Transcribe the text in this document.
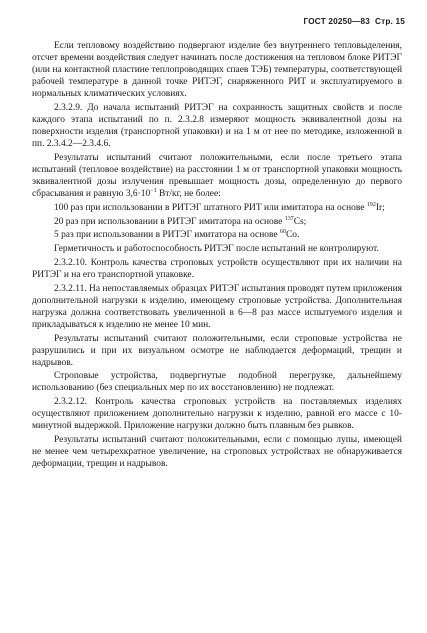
ГОСТ 20250—83 Стр. 15

Если тепловому воздействию подвергают изделие без внутреннего тепловыделения, отсчет времени воздействия следует начинать после достижения на тепловом блоке РИТЭГ (или на контактной пластине теплопроводящих спаев ТЭБ) температуры, соответствующей рабочей температуре в данной точке РИТЭГ, снаряженного РИТ и эксплуатируемого в нормальных климатических условиях.

2.3.2.9. До начала испытаний РИТЭГ на сохранность защитных свойств и после каждого этапа испытаний по п. 2.3.2.8 измеряют мощность эквивалентной дозы на поверхности изделия (транспортной упаковки) и на 1 м от нее по методике, изложенной в пп. 2.3.4.2—2.3.4.6.

Результаты испытаний считают положительными, если после третьего этапа испытаний (тепловое воздействие) на расстоянии 1 м от транспортной упаковки мощность эквивалентной дозы излучения превышает мощность дозы, определенную до первого сбрасывания и равную $3,6\cdot 10^{-1}$ Вт/кг, не более:

100 раз при использовании в РИТЭГ штатного РИТ или имитатора на основе $^{192}$Ir;

20 раз при использовании в РИТЭГ имитатора на основе $^{137}$Cs;

5 раз при использовании в РИТЭГ имитатора на основе $^{60}$Co.

Герметичность и работоспособность РИТЭГ после испытаний не контролируют.

2.3.2.10. Контроль качества строповых устройств осуществляют при их наличии на РИТЭГ и на его транспортной упаковке.

2.3.2.11. На непоставляемых образцах РИТЭГ испытания проводят путем приложения дополнительной нагрузки к изделию, имеющему строповые устройства. Дополнительная нагрузка должна соответствовать увеличенной в 6—8 раз массе испытуемого изделия и прикладываться к изделию не менее 10 мин.

Результаты испытаний считают положительными, если строповые устройства не разрушились и при их визуальном осмотре не наблюдается деформаций, трещин и надрывов.

Строповые устройства, подвергнутые подобной перегрузке, дальнейшему использованию (без специальных мер по их восстановлению) не подлежат.

2.3.2.12. Контроль качества строповых устройств на поставляемых изделиях осуществляют приложением дополнительно нагрузки к изделию, равной его массе с 10-минутной выдержкой. Приложение нагрузки должно быть плавным без рывков.

Результаты испытаний считают положительными, если с помощью лупы, имеющей не менее чем четырехкратное увеличение, на строповых устройствах не обнаруживается деформации, трещин и надрывов.
